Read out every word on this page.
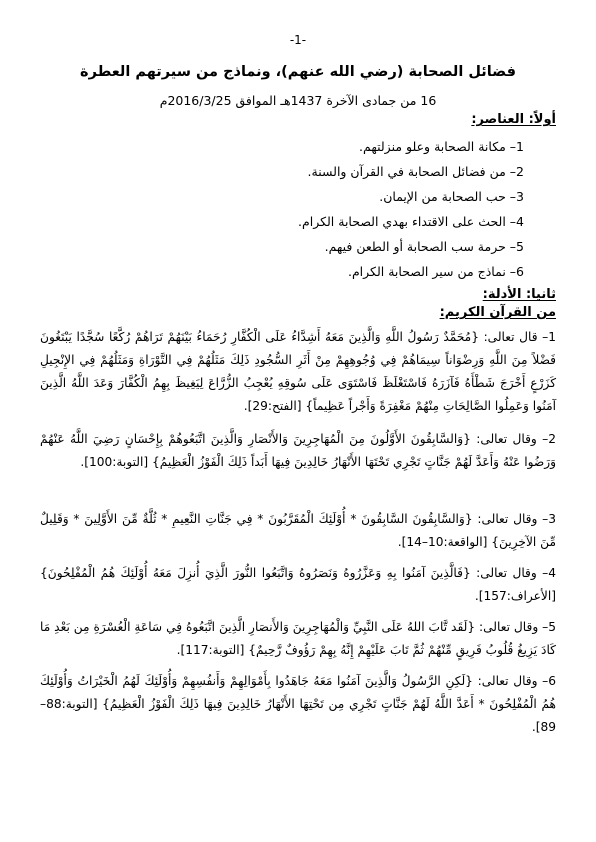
-1-
فضائل الصحابة (رضي الله عنهم)، ونماذج من سيرتهم العطرة
16 من جمادى الآخرة 1437هـ الموافق 2016/3/25م
أولاً: العناصر:
1– مكانة الصحابة وعلو منزلتهم.
2– من فضائل الصحابة في القرآن والسنة.
3– حب الصحابة من الإيمان.
4– الحث على الاقتداء بهدي الصحابة الكرام.
5– حرمة سب الصحابة أو الطعن فيهم.
6– نماذج من سير الصحابة الكرام.
ثانيا: الأدلة:
من القرآن الكريم:
1– قال تعالى: {مُحَمَّدٌ رَسُولُ اللَّهِ وَالَّذِينَ مَعَهُ أَشِدَّاءُ عَلَى الْكُفَّارِ رُحَمَاءُ بَيْنَهُمْ تَرَاهُمْ رُكَّعًا سُجَّدًا يَبْتَغُونَ فَضْلاً مِنَ اللَّهِ وَرِضْوَاناً سِيمَاهُمْ فِي وُجُوهِهِمْ مِنْ أَثَرِ السُّجُودِ ذَلِكَ مَثَلُهُمْ فِي التَّوْرَاةِ وَمَثَلُهُمْ فِي الإِنْجِيلِ كَزَرْعٍ أَخْرَجَ شَطْأَهُ فَآزَرَهُ فَاسْتَغْلَظَ فَاسْتَوَى عَلَى سُوقِهِ يُعْجِبُ الزُّرَّاعَ لِيَغِيظَ بِهِمُ الْكُفَّارَ وَعَدَ اللَّهُ الَّذِينَ آمَنُوا وَعَمِلُوا الصَّالِحَاتِ مِنْهُمْ مَغْفِرَةً وَأَجْراً عَظِيماً} [الفتح:29].
2– وقال تعالى: {وَالسَّابِقُونَ الأَوَّلُونَ مِنَ الْمُهَاجِرِينَ وَالأَنْصَارِ وَالَّذِينَ اتَّبَعُوهُمْ بِإِحْسَانٍ رَضِيَ اللَّهُ عَنْهُمْ وَرَضُوا عَنْهُ وَأَعَدَّ لَهُمْ جَنَّاتٍ تَجْرِي تَحْتَهَا الأَنْهَارُ خَالِدِينَ فِيهَا أَبَداً ذَلِكَ الْفَوْزُ الْعَظِيمُ} [التوبة:100].
3– وقال تعالى: {وَالسَّابِقُونَ السَّابِقُونَ * أُوْلَئِكَ الْمُقَرَّبُونَ * فِي جَنَّاتِ النَّعِيمِ * ثُلَّةٌ مِّنَ الأَوَّلِينَ * وَقَلِيلٌ مِّنَ الآخِرِينَ} [الواقعة:10–14].
4– وقال تعالى: {فَالَّذِينَ آمَنُوا بِهِ وَعَزَّرُوهُ وَنَصَرُوهُ وَاتَّبَعُوا النُّورَ الَّذِيَ أُنزِلَ مَعَهُ أُوْلَئِكَ هُمُ الْمُفْلِحُونَ} [الأعراف:157].
5– وقال تعالى: {لَقَد تَّابَ اللهُ عَلَى النَّبِيِّ وَالْمُهَاجِرِينَ وَالأَنصَارِ الَّذِينَ اتَّبَعُوهُ فِي سَاعَةِ الْعُسْرَةِ مِن بَعْدِ مَا كَادَ يَزِيغُ قُلُوبُ فَرِيقٍ مِّنْهُمْ ثُمَّ تَابَ عَلَيْهِمْ إِنَّهُ بِهِمْ رَؤُوفٌ رَّحِيمٌ} [التوبة:117].
6– وقال تعالى: {لَكِنِ الرَّسُولُ وَالَّذِينَ آمَنُوا مَعَهُ جَاهَدُوا بِأَمْوَالِهِمْ وَأَنفُسِهِمْ وَأُوْلَئِكَ لَهُمُ الْخَيْرَاتُ وَأُوْلَئِكَ هُمُ الْمُفْلِحُونَ * أَعَدَّ اللَّهُ لَهُمْ جَنَّاتٍ تَجْرِي مِن تَحْتِهَا الأَنْهَارُ خَالِدِينَ فِيهَا ذَلِكَ الْفَوْزُ الْعَظِيمُ} [التوبة:88–89].
